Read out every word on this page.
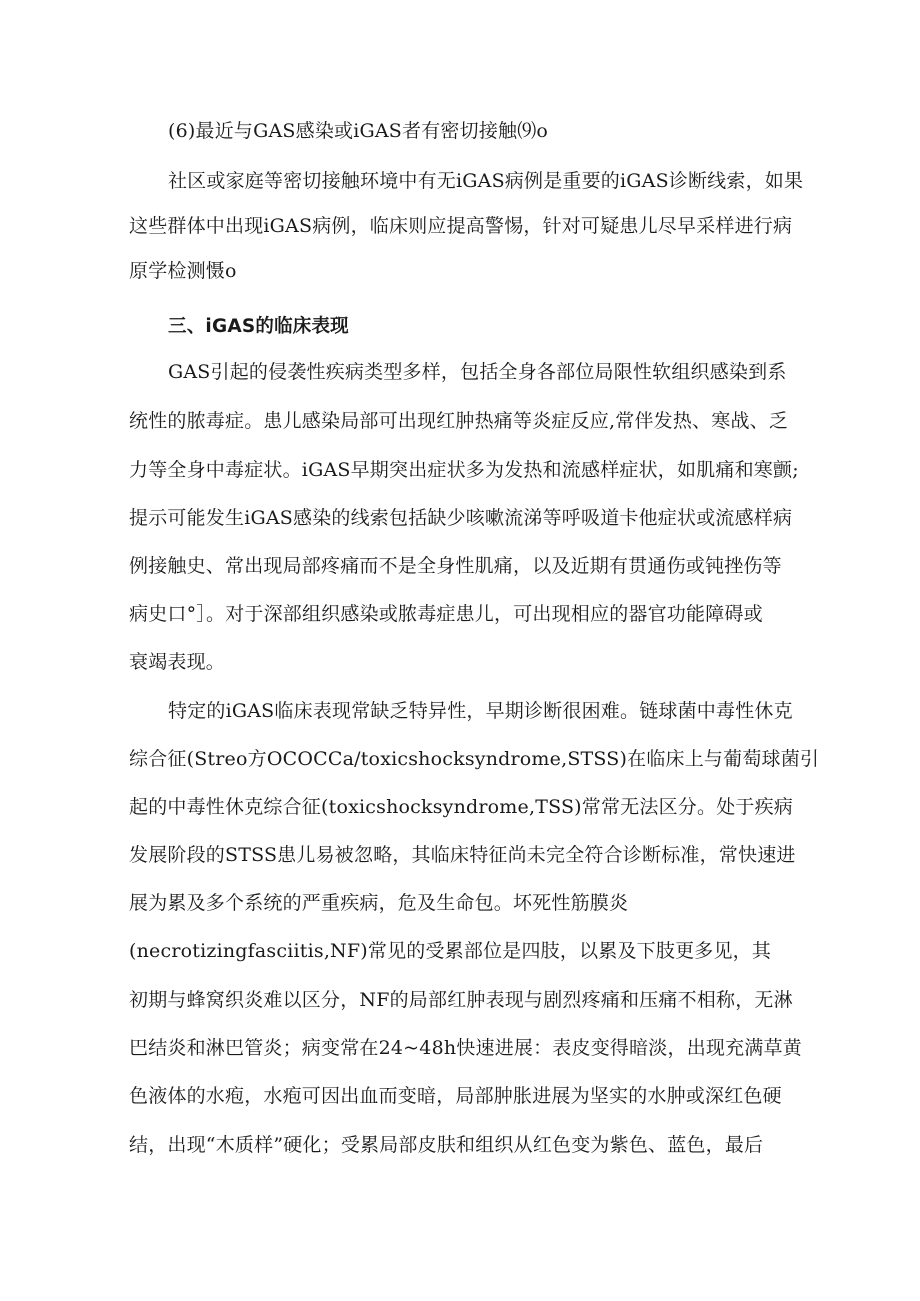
(6)最近与GAS感染或iGAS者有密切接触⑼o

社区或家庭等密切接触环境中有无iGAS病例是重要的iGAS诊断线索，如果

这些群体中出现iGAS病例，临床则应提高警惕，针对可疑患儿尽早采样进行病

原学检测慑o

三、iGAS的临床表现

GAS引起的侵袭性疾病类型多样，包括全身各部位局限性软组织感染到系

统性的脓毒症。患儿感染局部可出现红肿热痛等炎症反应,常伴发热、寒战、乏

力等全身中毒症状。iGAS早期突出症状多为发热和流感样症状，如肌痛和寒颤;

提示可能发生iGAS感染的线索包括缺少咳嗽流涕等呼吸道卡他症状或流感样病

例接触史、常出现局部疼痛而不是全身性肌痛，以及近期有贯通伤或钝挫伤等

病史口°］。对于深部组织感染或脓毒症患儿，可出现相应的器官功能障碍或

衰竭表现。

特定的iGAS临床表现常缺乏特异性，早期诊断很困难。链球菌中毒性休克

综合征(Streo方OCOCCa/toxicshocksyndrome,STSS)在临床上与葡萄球菌引

起的中毒性休克综合征(toxicshocksyndrome,TSS)常常无法区分。处于疾病

发展阶段的STSS患儿易被忽略，其临床特征尚未完全符合诊断标准，常快速进

展为累及多个系统的严重疾病，危及生命包。坏死性筋膜炎

(necrotizingfasciitis,NF)常见的受累部位是四肢，以累及下肢更多见，其

初期与蜂窝织炎难以区分，NF的局部红肿表现与剧烈疼痛和压痛不相称，无淋

巴结炎和淋巴管炎；病变常在24~48h快速进展：表皮变得暗淡，出现充满草黄

色液体的水疱，水疱可因出血而变暗，局部肿胀进展为坚实的水肿或深红色硬

结，出现“木质样”硬化；受累局部皮肤和组织从红色变为紫色、蓝色，最后
